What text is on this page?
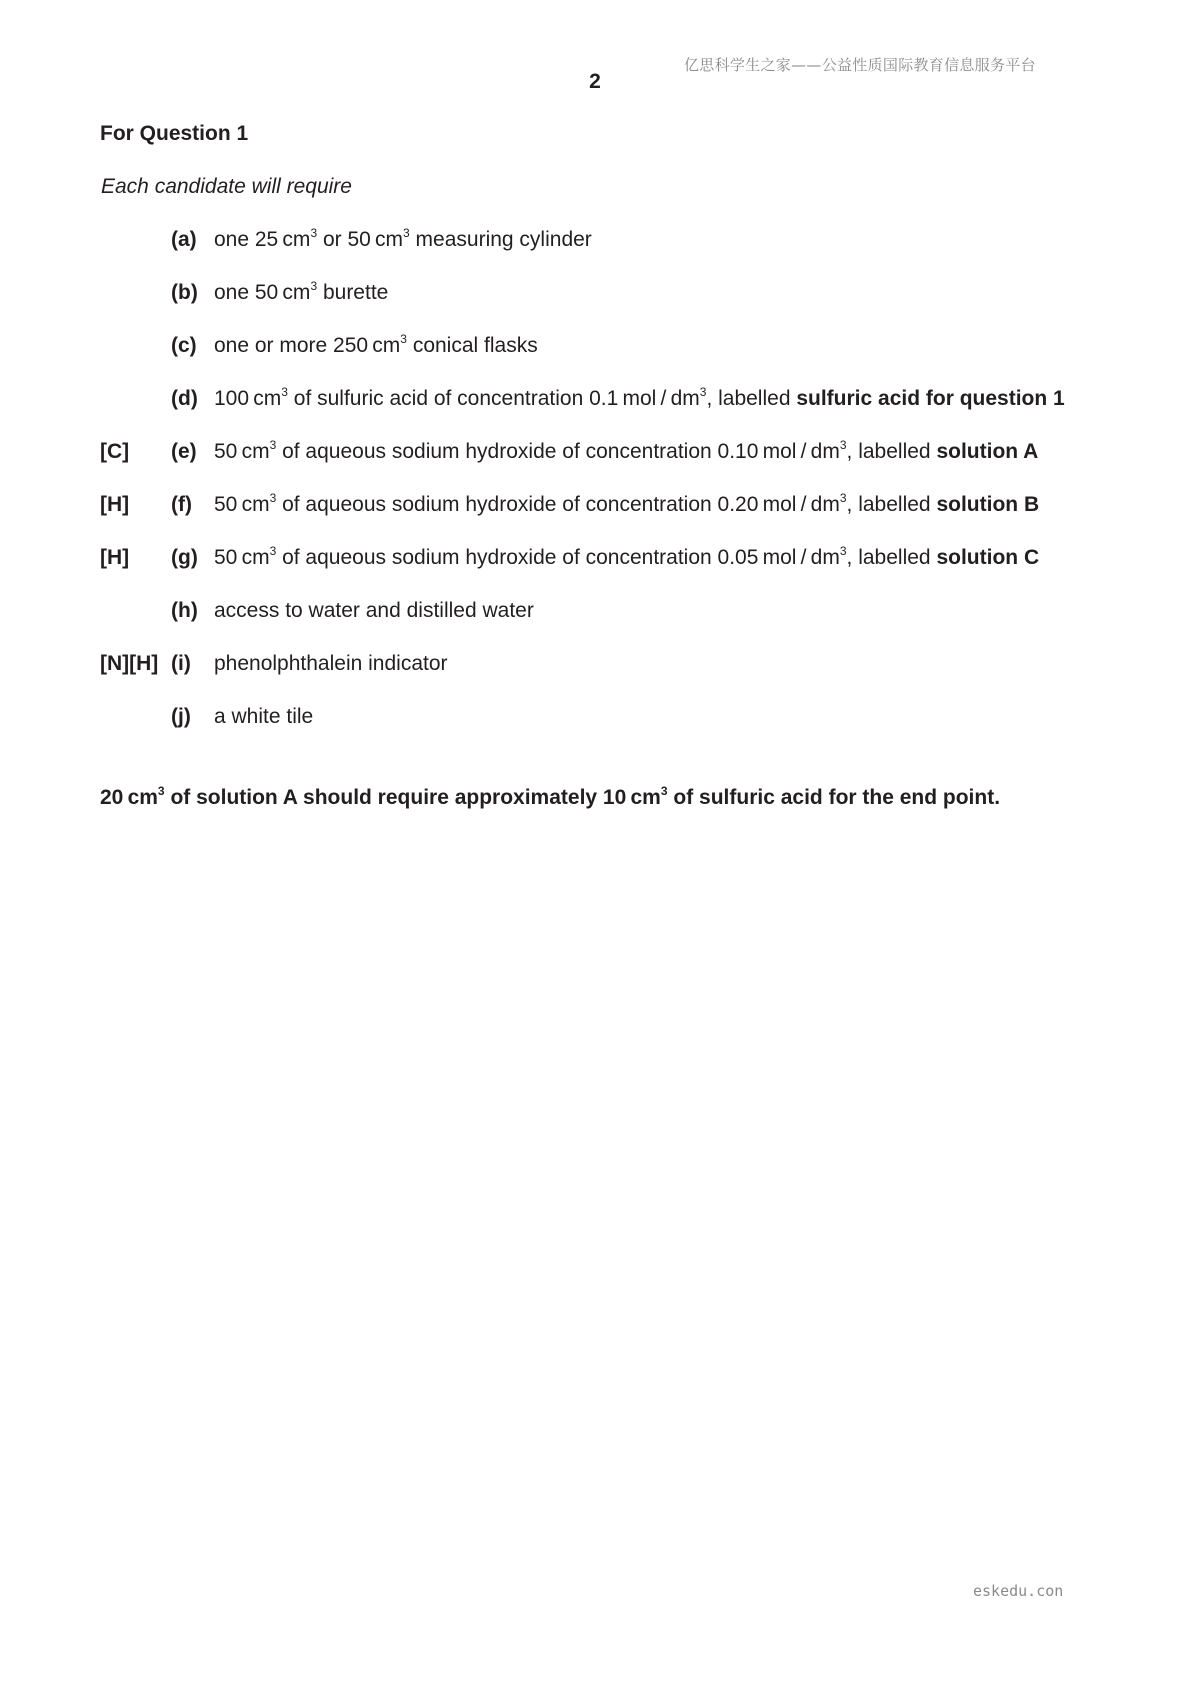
亿思科学生之家——公益性质国际教育信息服务平台
2
For Question 1
Each candidate will require
(a) one 25 $cm^3$ or 50 $cm^3$ measuring cylinder
(b) one 50 $cm^3$ burette
(c) one or more 250 $cm^3$ conical flasks
(d) 100 $cm^3$ of sulfuric acid of concentration 0.1 mol / $dm^3$, labelled sulfuric acid for question 1
[C] (e) 50 $cm^3$ of aqueous sodium hydroxide of concentration 0.10 mol / $dm^3$, labelled solution A
[H] (f) 50 $cm^3$ of aqueous sodium hydroxide of concentration 0.20 mol / $dm^3$, labelled solution B
[H] (g) 50 $cm^3$ of aqueous sodium hydroxide of concentration 0.05 mol / $dm^3$, labelled solution C
(h) access to water and distilled water
[N][H] (i) phenolphthalein indicator
(j) a white tile
20 $cm^3$ of solution A should require approximately 10 $cm^3$ of sulfuric acid for the end point.
eskedu.con
